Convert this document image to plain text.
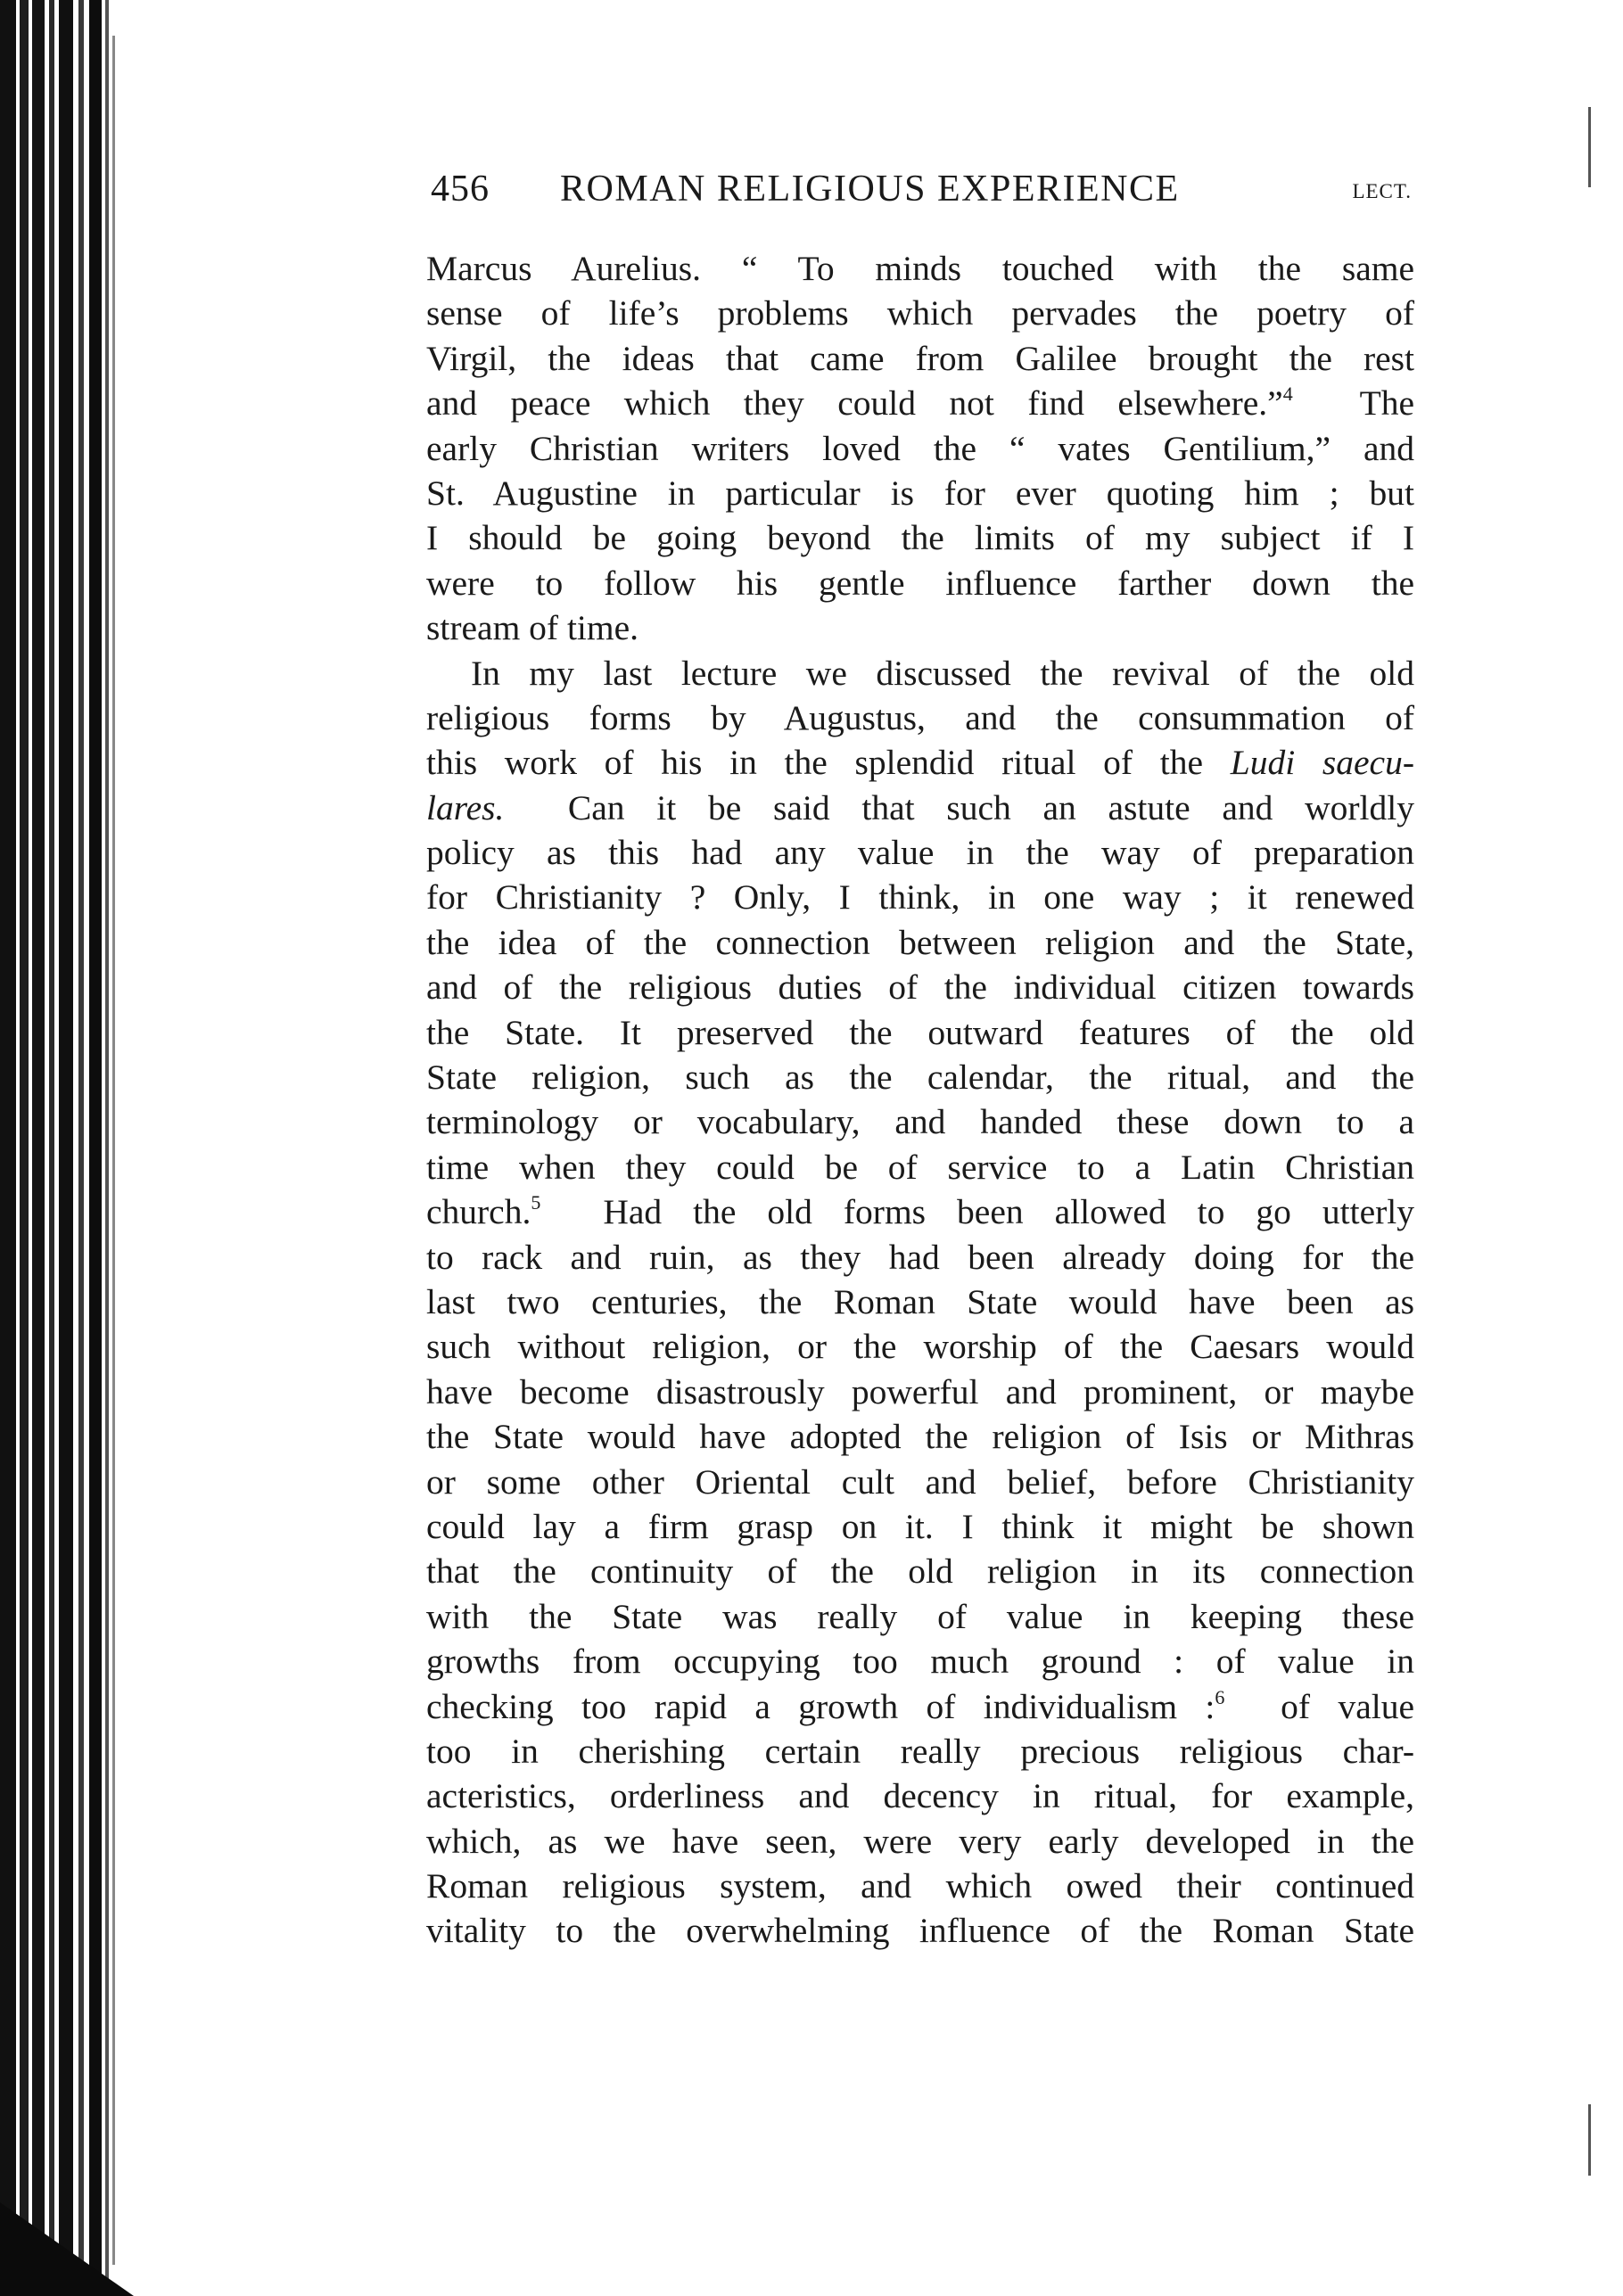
456 ROMAN RELIGIOUS EXPERIENCE	LECT.
Marcus Aurelius. “ To minds touched with the same
sense of life’s problems which pervades the poetry of
Virgil, the ideas that came from Galilee brought the rest
and peace which they could not find elsewhere.”$^4$ The
early Christian writers loved the “ vates Gentilium,” and
St. Augustine in particular is for ever quoting him ; but
I should be going beyond the limits of my subject if I
were to follow his gentle influence farther down the
stream of time.
In my last lecture we discussed the revival of the old
religious forms by Augustus, and the consummation of
this work of his in the splendid ritual of the Ludi saecu-
lares. Can it be said that such an astute and worldly
policy as this had any value in the way of preparation
for Christianity ? Only, I think, in one way ; it renewed
the idea of the connection between religion and the State,
and of the religious duties of the individual citizen towards
the State. It preserved the outward features of the old
State religion, such as the calendar, the ritual, and the
terminology or vocabulary, and handed these down to a
time when they could be of service to a Latin Christian
church.$^5$ Had the old forms been allowed to go utterly
to rack and ruin, as they had been already doing for the
last two centuries, the Roman State would have been as
such without religion, or the worship of the Caesars would
have become disastrously powerful and prominent, or maybe
the State would have adopted the religion of Isis or Mithras
or some other Oriental cult and belief, before Christianity
could lay a firm grasp on it. I think it might be shown
that the continuity of the old religion in its connection
with the State was really of value in keeping these
growths from occupying too much ground : of value in
checking too rapid a growth of individualism :$^6$ of value
too in cherishing certain really precious religious char-
acteristics, orderliness and decency in ritual, for example,
which, as we have seen, were very early developed in the
Roman religious system, and which owed their continued
vitality to the overwhelming influence of the Roman State
